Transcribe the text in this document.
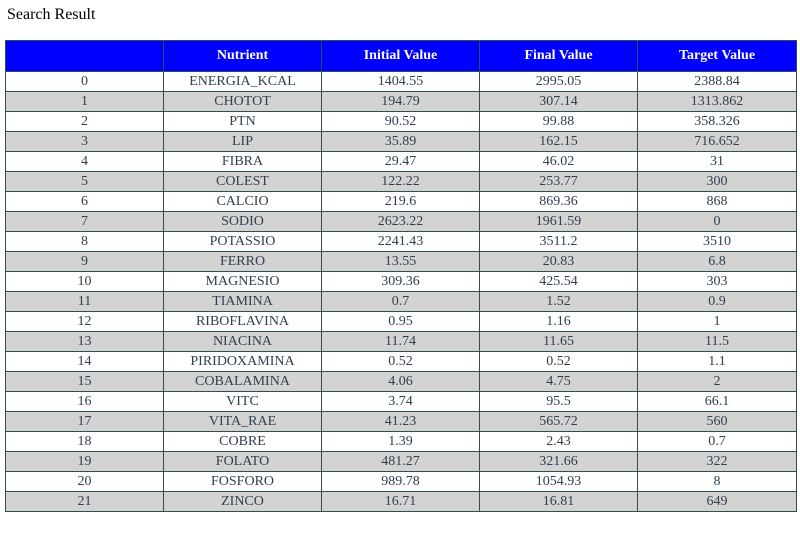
Search Result
	Nutrient	Initial Value	Final Value	Target Value
0	ENERGIA_KCAL	1404.55	2995.05	2388.84
1	CHOTOT	194.79	307.14	1313.862
2	PTN	90.52	99.88	358.326
3	LIP	35.89	162.15	716.652
4	FIBRA	29.47	46.02	31
5	COLEST	122.22	253.77	300
6	CALCIO	219.6	869.36	868
7	SODIO	2623.22	1961.59	0
8	POTASSIO	2241.43	3511.2	3510
9	FERRO	13.55	20.83	6.8
10	MAGNESIO	309.36	425.54	303
11	TIAMINA	0.7	1.52	0.9
12	RIBOFLAVINA	0.95	1.16	1
13	NIACINA	11.74	11.65	11.5
14	PIRIDOXAMINA	0.52	0.52	1.1
15	COBALAMINA	4.06	4.75	2
16	VITC	3.74	95.5	66.1
17	VITA_RAE	41.23	565.72	560
18	COBRE	1.39	2.43	0.7
19	FOLATO	481.27	321.66	322
20	FOSFORO	989.78	1054.93	8
21	ZINCO	16.71	16.81	649
